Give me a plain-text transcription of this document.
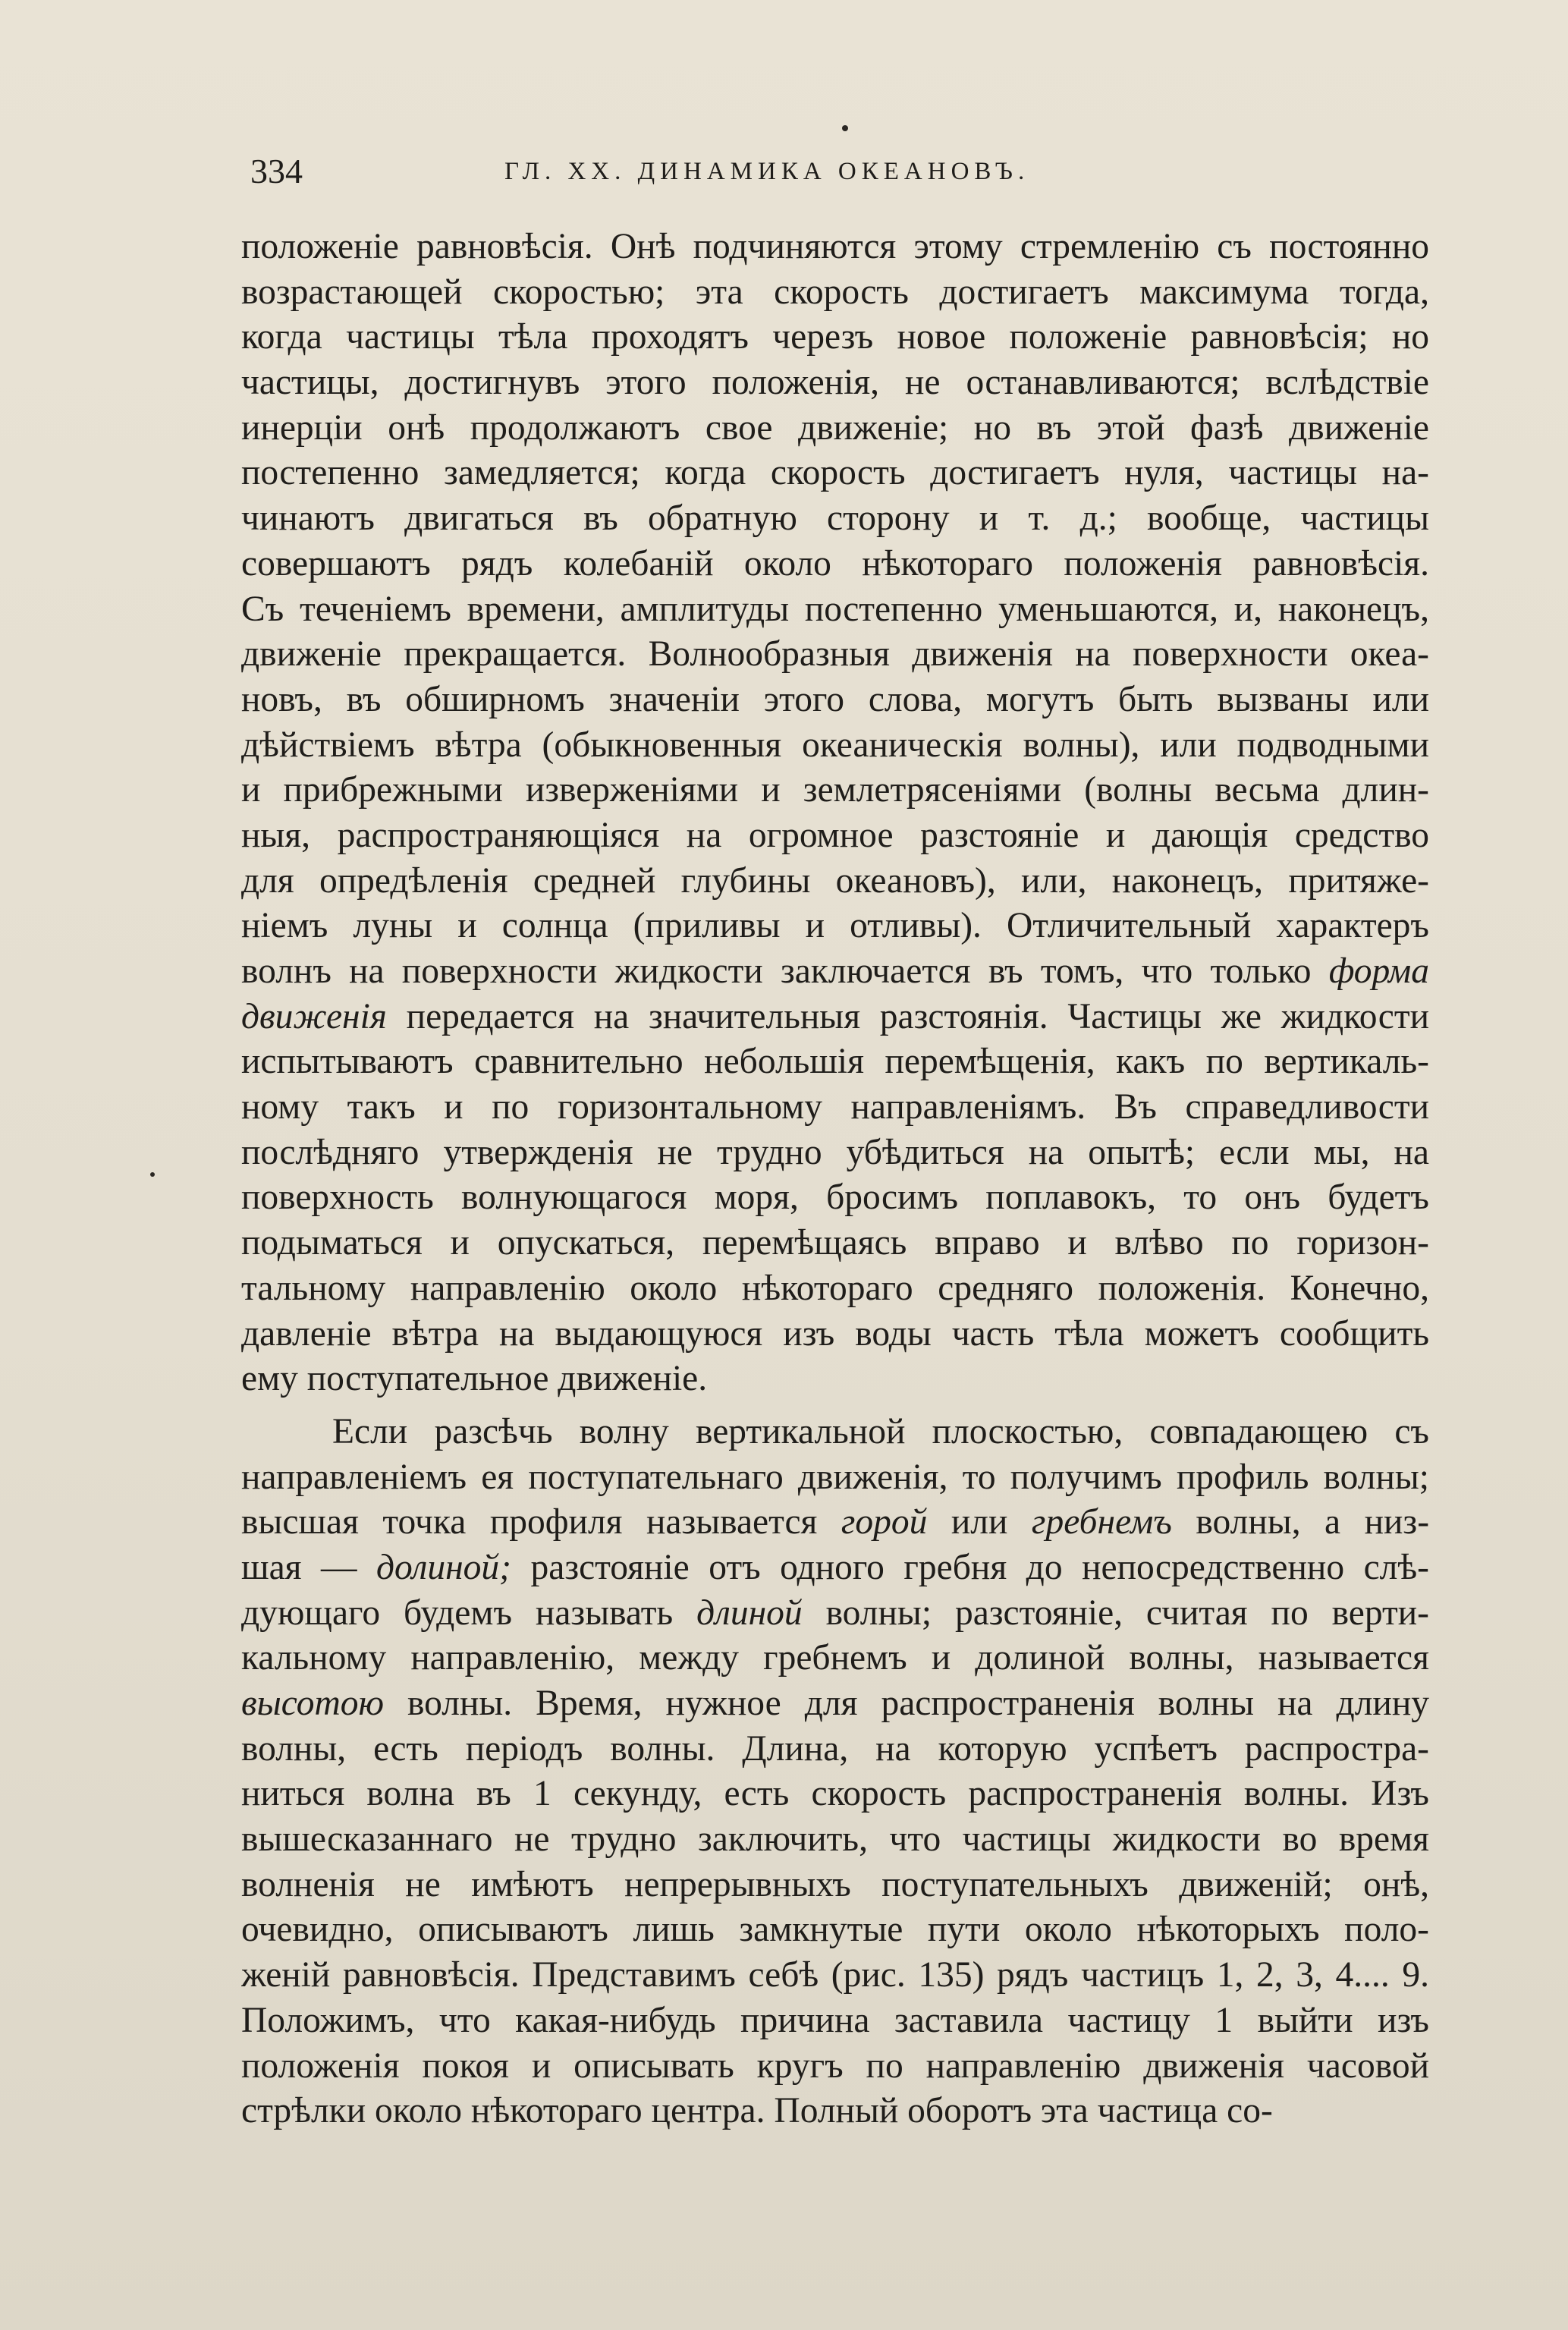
334	ГЛ. XX. ДИНАМИКА ОКЕАНОВЪ.
положеніе равновѣсія. Онѣ подчиняются этому стремленію съ постоянно
возрастающей скоростью; эта скорость достигаетъ максимума тогда,
когда частицы тѣла проходятъ черезъ новое положеніе равновѣсія; но
частицы, достигнувъ этого положенія, не останавливаются; вслѣдствіе
инерціи онѣ продолжаютъ свое движеніе; но въ этой фазѣ движеніе
постепенно замедляется; когда скорость достигаетъ нуля, частицы на-
чинаютъ двигаться въ обратную сторону и т. д.; вообще, частицы
совершаютъ рядъ колебаній около нѣкотораго положенія равновѣсія.
Съ теченіемъ времени, амплитуды постепенно уменьшаются, и, наконецъ,
движеніе прекращается. Волнообразныя движенія на поверхности океа-
новъ, въ обширномъ значеніи этого слова, могутъ быть вызваны или
дѣйствіемъ вѣтра (обыкновенныя океаническія волны), или подводными
и прибрежными изверженіями и землетрясеніями (волны весьма длин-
ныя, распространяющіяся на огромное разстояніе и дающія средство
для опредѣленія средней глубины океановъ), или, наконецъ, притяже-
ніемъ луны и солнца (приливы и отливы). Отличительный характеръ
волнъ на поверхности жидкости заключается въ томъ, что только форма
движенія передается на значительныя разстоянія. Частицы же жидкости
испытываютъ сравнительно небольшія перемѣщенія, какъ по вертикаль-
ному такъ и по горизонтальному направленіямъ. Въ справедливости
послѣдняго утвержденія не трудно убѣдиться на опытѣ; если мы, на
поверхность волнующагося моря, бросимъ поплавокъ, то онъ будетъ
подыматься и опускаться, перемѣщаясь вправо и влѣво по горизон-
тальному направленію около нѣкотораго средняго положенія. Конечно,
давленіе вѣтра на выдающуюся изъ воды часть тѣла можетъ сообщить
ему поступательное движеніе.
Если разсѣчь волну вертикальной плоскостью, совпадающею съ
направленіемъ ея поступательнаго движенія, то получимъ профиль волны;
высшая точка профиля называется горой или гребнемъ волны, а низ-
шая — долиной; разстояніе отъ одного гребня до непосредственно слѣ-
дующаго будемъ называть длиной волны; разстояніе, считая по верти-
кальному направленію, между гребнемъ и долиной волны, называется
высотою волны. Время, нужное для распространенія волны на длину
волны, есть періодъ волны. Длина, на которую успѣетъ распростра-
ниться волна въ 1 секунду, есть скорость распространенія волны. Изъ
вышесказаннаго не трудно заключить, что частицы жидкости во время
волненія не имѣютъ непрерывныхъ поступательныхъ движеній; онѣ,
очевидно, описываютъ лишь замкнутые пути около нѣкоторыхъ поло-
женій равновѣсія. Представимъ себѣ (рис. 135) рядъ частицъ 1, 2, 3, 4.... 9.
Положимъ, что какая-нибудь причина заставила частицу 1 выйти изъ
положенія покоя и описывать кругъ по направленію движенія часовой
стрѣлки около нѣкотораго центра. Полный оборотъ эта частица со-
